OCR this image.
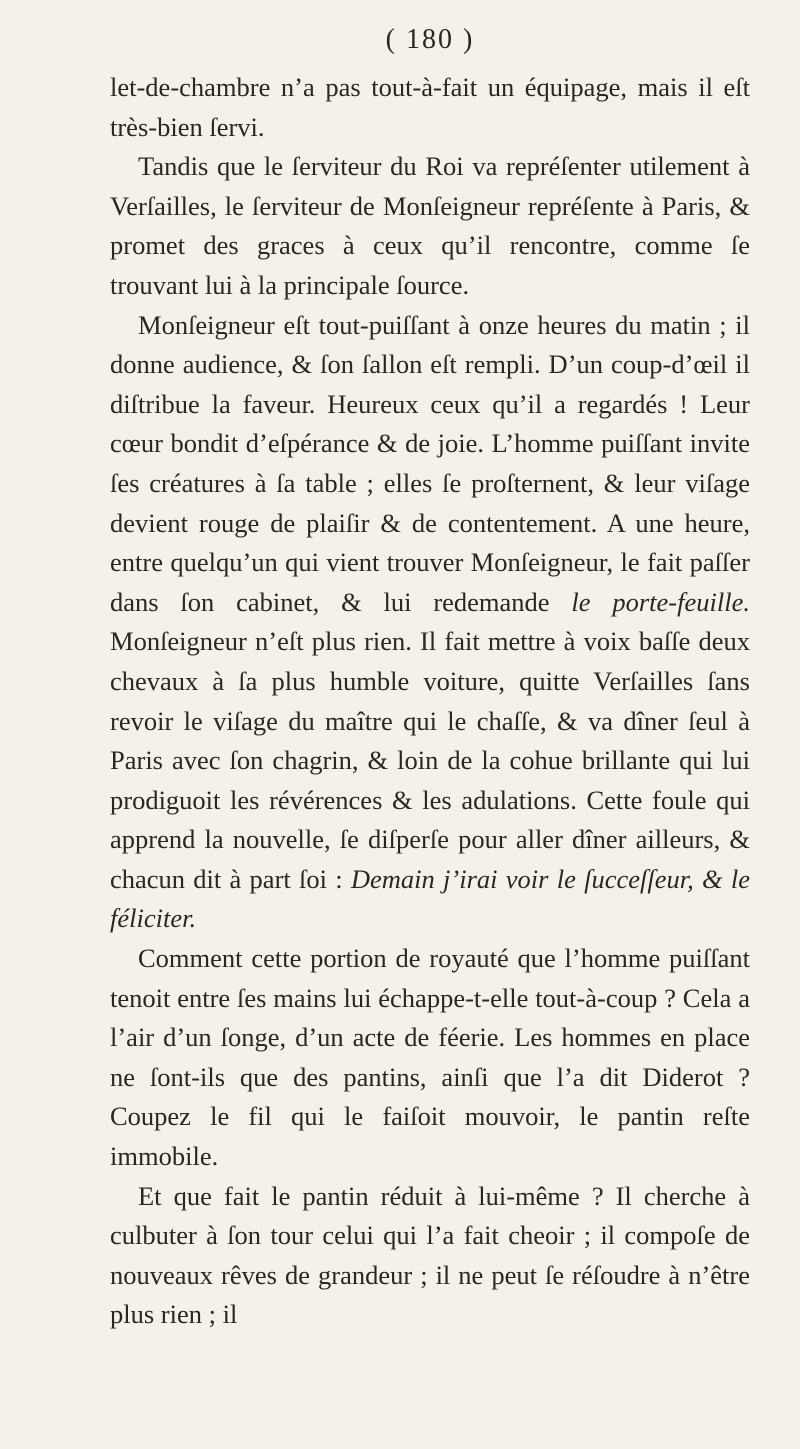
( 180 )

let-de-chambre n’a pas tout-à-fait un équipage, mais il eſt très-bien ſervi.

Tandis que le ſerviteur du Roi va repréſenter utilement à Verſailles, le ſerviteur de Monſeigneur repréſente à Paris, & promet des graces à ceux qu’il rencontre, comme ſe trouvant lui à la principale ſource.

Monſeigneur eſt tout-puiſſant à onze heures du matin ; il donne audience, & ſon ſallon eſt rempli. D’un coup-d’œil il diſtribue la faveur. Heureux ceux qu’il a regardés ! Leur cœur bondit d’eſpérance & de joie. L’homme puiſſant invite ſes créatures à ſa table ; elles ſe proſternent, & leur viſage devient rouge de plaiſir & de contentement. A une heure, entre quelqu’un qui vient trouver Monſeigneur, le fait paſſer dans ſon cabinet, & lui redemande le porte-feuille. Monſeigneur n’eſt plus rien. Il fait mettre à voix baſſe deux chevaux à ſa plus humble voiture, quitte Verſailles ſans revoir le viſage du maître qui le chaſſe, & va dîner ſeul à Paris avec ſon chagrin, & loin de la cohue brillante qui lui prodiguoit les révérences & les adulations. Cette foule qui apprend la nouvelle, ſe diſperſe pour aller dîner ailleurs, & chacun dit à part ſoi : Demain j’irai voir le ſucceſſeur, & le féliciter.

Comment cette portion de royauté que l’homme puiſſant tenoit entre ſes mains lui échappe-t-elle tout-à-coup ? Cela a l’air d’un ſonge, d’un acte de féerie. Les hommes en place ne ſont-ils que des pantins, ainſi que l’a dit Diderot ? Coupez le fil qui le faiſoit mouvoir, le pantin reſte immobile.

Et que fait le pantin réduit à lui-même ? Il cherche à culbuter à ſon tour celui qui l’a fait cheoir ; il compoſe de nouveaux rêves de grandeur ; il ne peut ſe réſoudre à n’être plus rien ; il
